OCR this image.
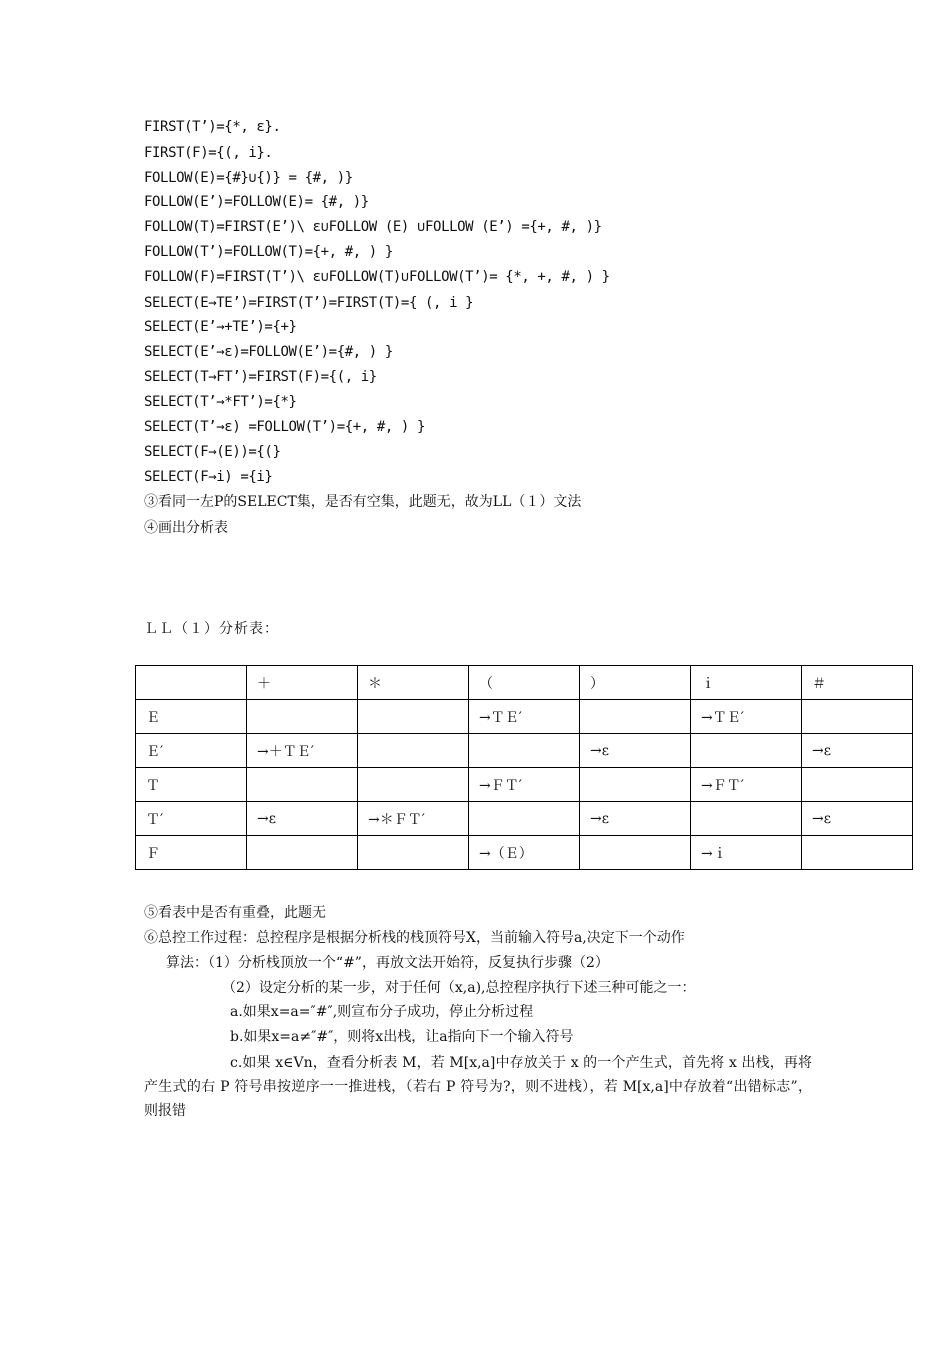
FIRST(T’)={*, ε}.
FIRST(F)={(, i}.
FOLLOW(E)={#}∪{)} = {#, )}
FOLLOW(E’)=FOLLOW(E)= {#, )}
FOLLOW(T)=FIRST(E’)\ ε∪FOLLOW (E) ∪FOLLOW (E’) ={+, #, )}
FOLLOW(T’)=FOLLOW(T)={+, #, ) }
FOLLOW(F)=FIRST(T’)\ ε∪FOLLOW(T)∪FOLLOW(T’)= {*, +, #, ) }
SELECT(E→TE’)=FIRST(T’)=FIRST(T)={ (, i }
SELECT(E’→+TE’)={+}
SELECT(E’→ε)=FOLLOW(E’)={#, ) }
SELECT(T→FT’)=FIRST(F)={(, i}
SELECT(T’→*FT’)={*}
SELECT(T’→ε) =FOLLOW(T’)={+, #, ) }
SELECT(F→(E))={(}
SELECT(F→i) ={i}
③看同一左P的SELECT集，是否有空集，此题无，故为LL（１）文法
④画出分析表
ＬＬ（１）分析表：
	＋	＊	（	）	ｉ	＃
Ｅ			→ＴＥ′		→ＴＥ′	
Ｅ′	→＋ＴＥ′			→ε		→ε
Ｔ			→ＦＴ′		→ＦＴ′	
Ｔ′	→ε	→＊ＦＴ′		→ε		→ε
Ｆ			→（Ｅ）		→ｉ	
⑤看表中是否有重叠，此题无
⑥总控工作过程：总控程序是根据分析栈的栈顶符号X，当前输入符号a,决定下一个动作
算法：（1）分析栈顶放一个“#”，再放文法开始符，反复执行步骤（2）
（2）设定分析的某一步，对于任何（x,a),总控程序执行下述三种可能之一：
a.如果x=a=″#″,则宣布分子成功，停止分析过程
b.如果x=a≠″#″，则将x出栈，让a指向下一个输入符号
c.如果 x∈Vn，查看分析表 M，若 M[x,a]中存放关于 x 的一个产生式，首先将 x 出栈，再将产生式的右 P 符号串按逆序一一推进栈，（若右 P 符号为?，则不进栈），若 M[x,a]中存放着“出错标志”，则报错
